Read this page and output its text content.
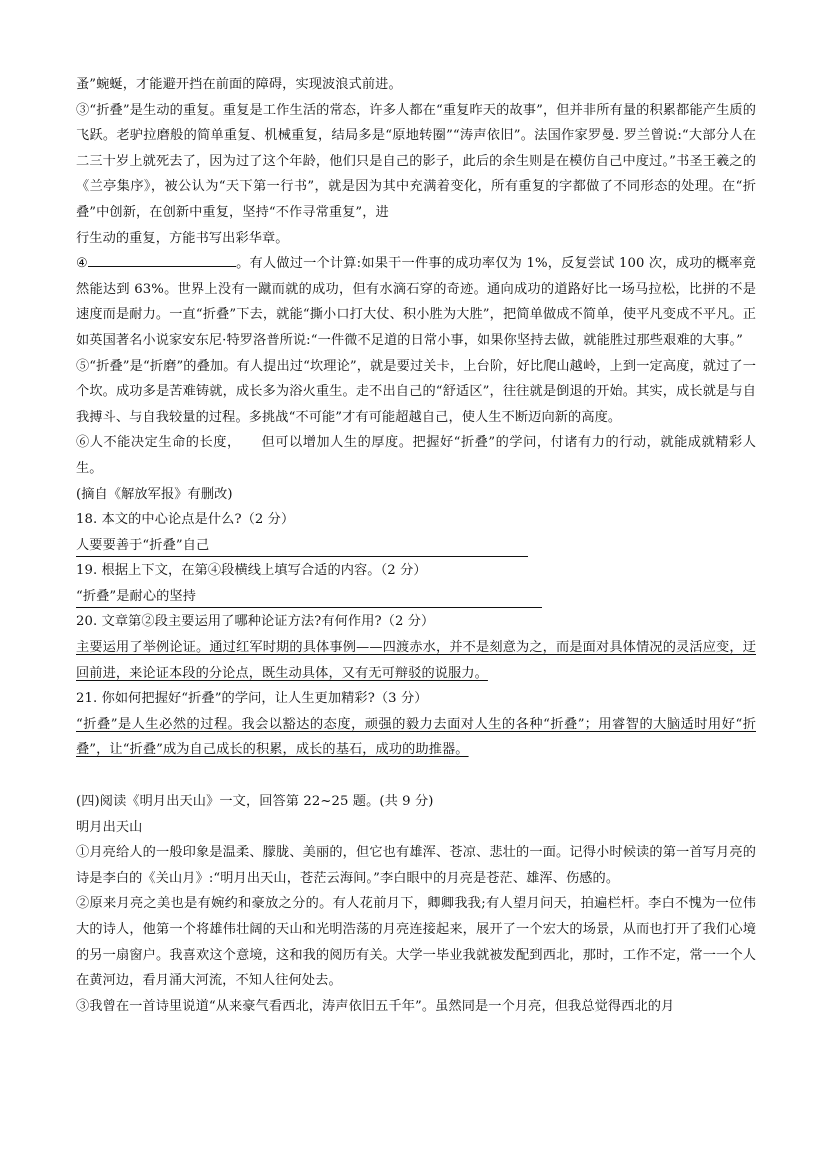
蚤”蜿蜒，才能避开挡在前面的障碍，实现波浪式前进。

③“折叠”是生动的重复。重复是工作生活的常态，许多人都在“重复昨天的故事”，但并非所有量的积累都能产生质的飞跃。老驴拉磨般的简单重复、机械重复，结局多是“原地转圈”“涛声依旧”。法国作家罗曼. 罗兰曾说:“大部分人在二三十岁上就死去了，因为过了这个年龄，他们只是自己的影子，此后的余生则是在模仿自己中度过。”书圣王羲之的《兰亭集序》，被公认为“天下第一行书”，就是因为其中充满着变化，所有重复的字都做了不同形态的处理。在“折叠”中创新，在创新中重复，坚持“不作寻常重复”，进

行生动的重复，方能书写出彩华章。

④	。有人做过一个计算:如果干一件事的成功率仅为 1%，反复尝试 100 次，成功的概率竟然能达到 63%。世界上没有一蹴而就的成功，但有水滴石穿的奇迹。通向成功的道路好比一场马拉松，比拼的不是速度而是耐力。一直“折叠”下去，就能“撕小口打大仗、积小胜为大胜”，把简单做成不简单，使平凡变成不平凡。正如英国著名小说家安东尼·特罗洛普所说:“一件微不足道的日常小事，如果你坚持去做，就能胜过那些艰难的大事。”

⑤“折叠”是“折磨”的叠加。有人提出过“坎理论”，就是要过关卡，上台阶，好比爬山越岭，上到一定高度，就过了一个坎。成功多是苦难铸就，成长多为浴火重生。走不出自己的“舒适区”，往往就是倒退的开始。其实，成长就是与自我搏斗、与自我较量的过程。多挑战“不可能”才有可能超越自己，使人生不断迈向新的高度。

⑥人不能决定生命的长度，　　但可以增加人生的厚度。把握好“折叠”的学问，付诸有力的行动，就能成就精彩人生。

(摘自《解放军报》有删改)

18. 本文的中心论点是什么?（2 分）

人要要善于“折叠”自己

19. 根据上下文，在第④段横线上填写合适的内容。（2 分）

“折叠”是耐心的坚持

20. 文章第②段主要运用了哪种论证方法?有何作用?（2 分）

主要运用了举例论证。通过红军时期的具体事例——四渡赤水，并不是刻意为之，而是面对具体情况的灵活应变，迂回前进，来论证本段的分论点，既生动具体，又有无可辩驳的说服力。

21. 你如何把握好“折叠”的学问，让人生更加精彩?（3 分）

“折叠”是人生必然的过程。我会以豁达的态度，顽强的毅力去面对人生的各种“折叠”；用睿智的大脑适时用好“折叠”，让“折叠”成为自己成长的积累，成长的基石，成功的助推器。

(四)阅读《明月出天山》一文，回答第 22~25 题。(共 9 分)

明月出天山

①月亮给人的一般印象是温柔、朦胧、美丽的，但它也有雄浑、苍凉、悲壮的一面。记得小时候读的第一首写月亮的诗是李白的《关山月》:“明月出天山，苍茫云海间。”李白眼中的月亮是苍茫、雄浑、伤感的。

②原来月亮之美也是有婉约和豪放之分的。有人花前月下，卿卿我我;有人望月问天，拍遍栏杆。李白不愧为一位伟大的诗人，他第一个将雄伟壮阔的天山和光明浩荡的月亮连接起来，展开了一个宏大的场景，从而也打开了我们心境的另一扇窗户。我喜欢这个意境，这和我的阅历有关。大学一毕业我就被发配到西北，那时，工作不定，常一一个人在黄河边，看月涌大河流，不知人往何处去。

③我曾在一首诗里说道“从来豪气看西北，涛声依旧五千年”。虽然同是一个月亮，但我总觉得西北的月
